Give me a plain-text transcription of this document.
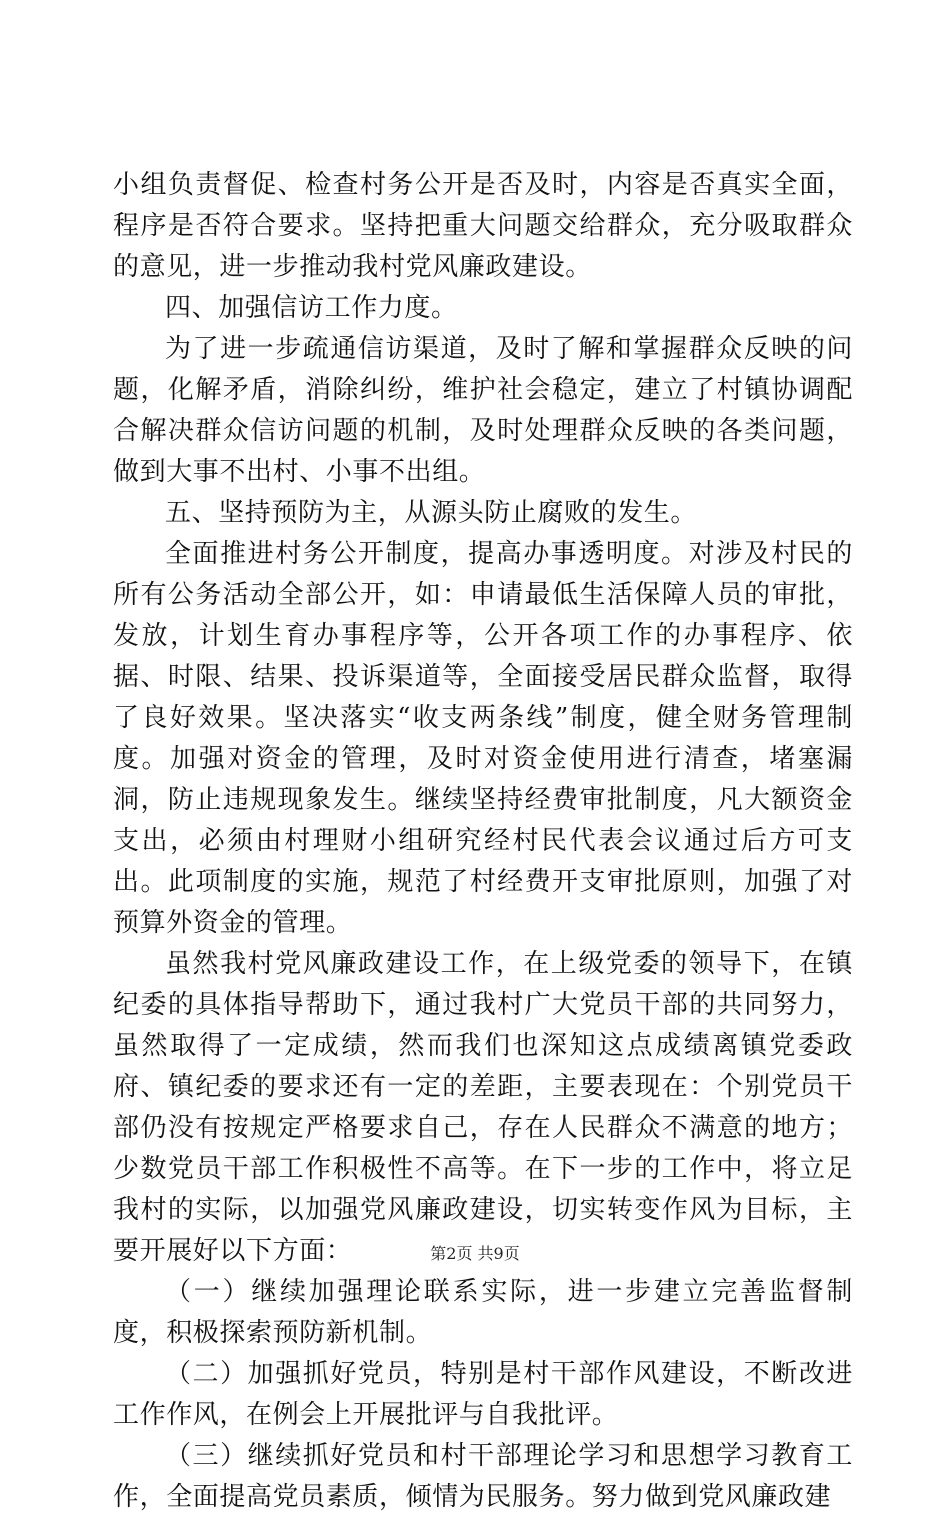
小组负责督促、检查村务公开是否及时，内容是否真实全面，程序是否符合要求。坚持把重大问题交给群众，充分吸取群众的意见，进一步推动我村党风廉政建设。

四、加强信访工作力度。

为了进一步疏通信访渠道，及时了解和掌握群众反映的问题，化解矛盾，消除纠纷，维护社会稳定，建立了村镇协调配合解决群众信访问题的机制，及时处理群众反映的各类问题，做到大事不出村、小事不出组。

五、坚持预防为主，从源头防止腐败的发生。

全面推进村务公开制度，提高办事透明度。对涉及村民的所有公务活动全部公开，如：申请最低生活保障人员的审批，发放，计划生育办事程序等，公开各项工作的办事程序、依据、时限、结果、投诉渠道等，全面接受居民群众监督，取得了良好效果。坚决落实“收支两条线”制度，健全财务管理制度。加强对资金的管理，及时对资金使用进行清查，堵塞漏洞，防止违规现象发生。继续坚持经费审批制度，凡大额资金支出，必须由村理财小组研究经村民代表会议通过后方可支出。此项制度的实施，规范了村经费开支审批原则，加强了对预算外资金的管理。

虽然我村党风廉政建设工作，在上级党委的领导下，在镇纪委的具体指导帮助下，通过我村广大党员干部的共同努力，虽然取得了一定成绩，然而我们也深知这点成绩离镇党委政府、镇纪委的要求还有一定的差距，主要表现在：个别党员干部仍没有按规定严格要求自己，存在人民群众不满意的地方；少数党员干部工作积极性不高等。在下一步的工作中，将立足我村的实际，以加强党风廉政建设，切实转变作风为目标，主要开展好以下方面：

（一）继续加强理论联系实际，进一步建立完善监督制度，积极探索预防新机制。

（二）加强抓好党员，特别是村干部作风建设，不断改进工作作风，在例会上开展批评与自我批评。

（三）继续抓好党员和村干部理论学习和思想学习教育工作，全面提高党员素质，倾情为民服务。努力做到党风廉政建

第2页 共9页
